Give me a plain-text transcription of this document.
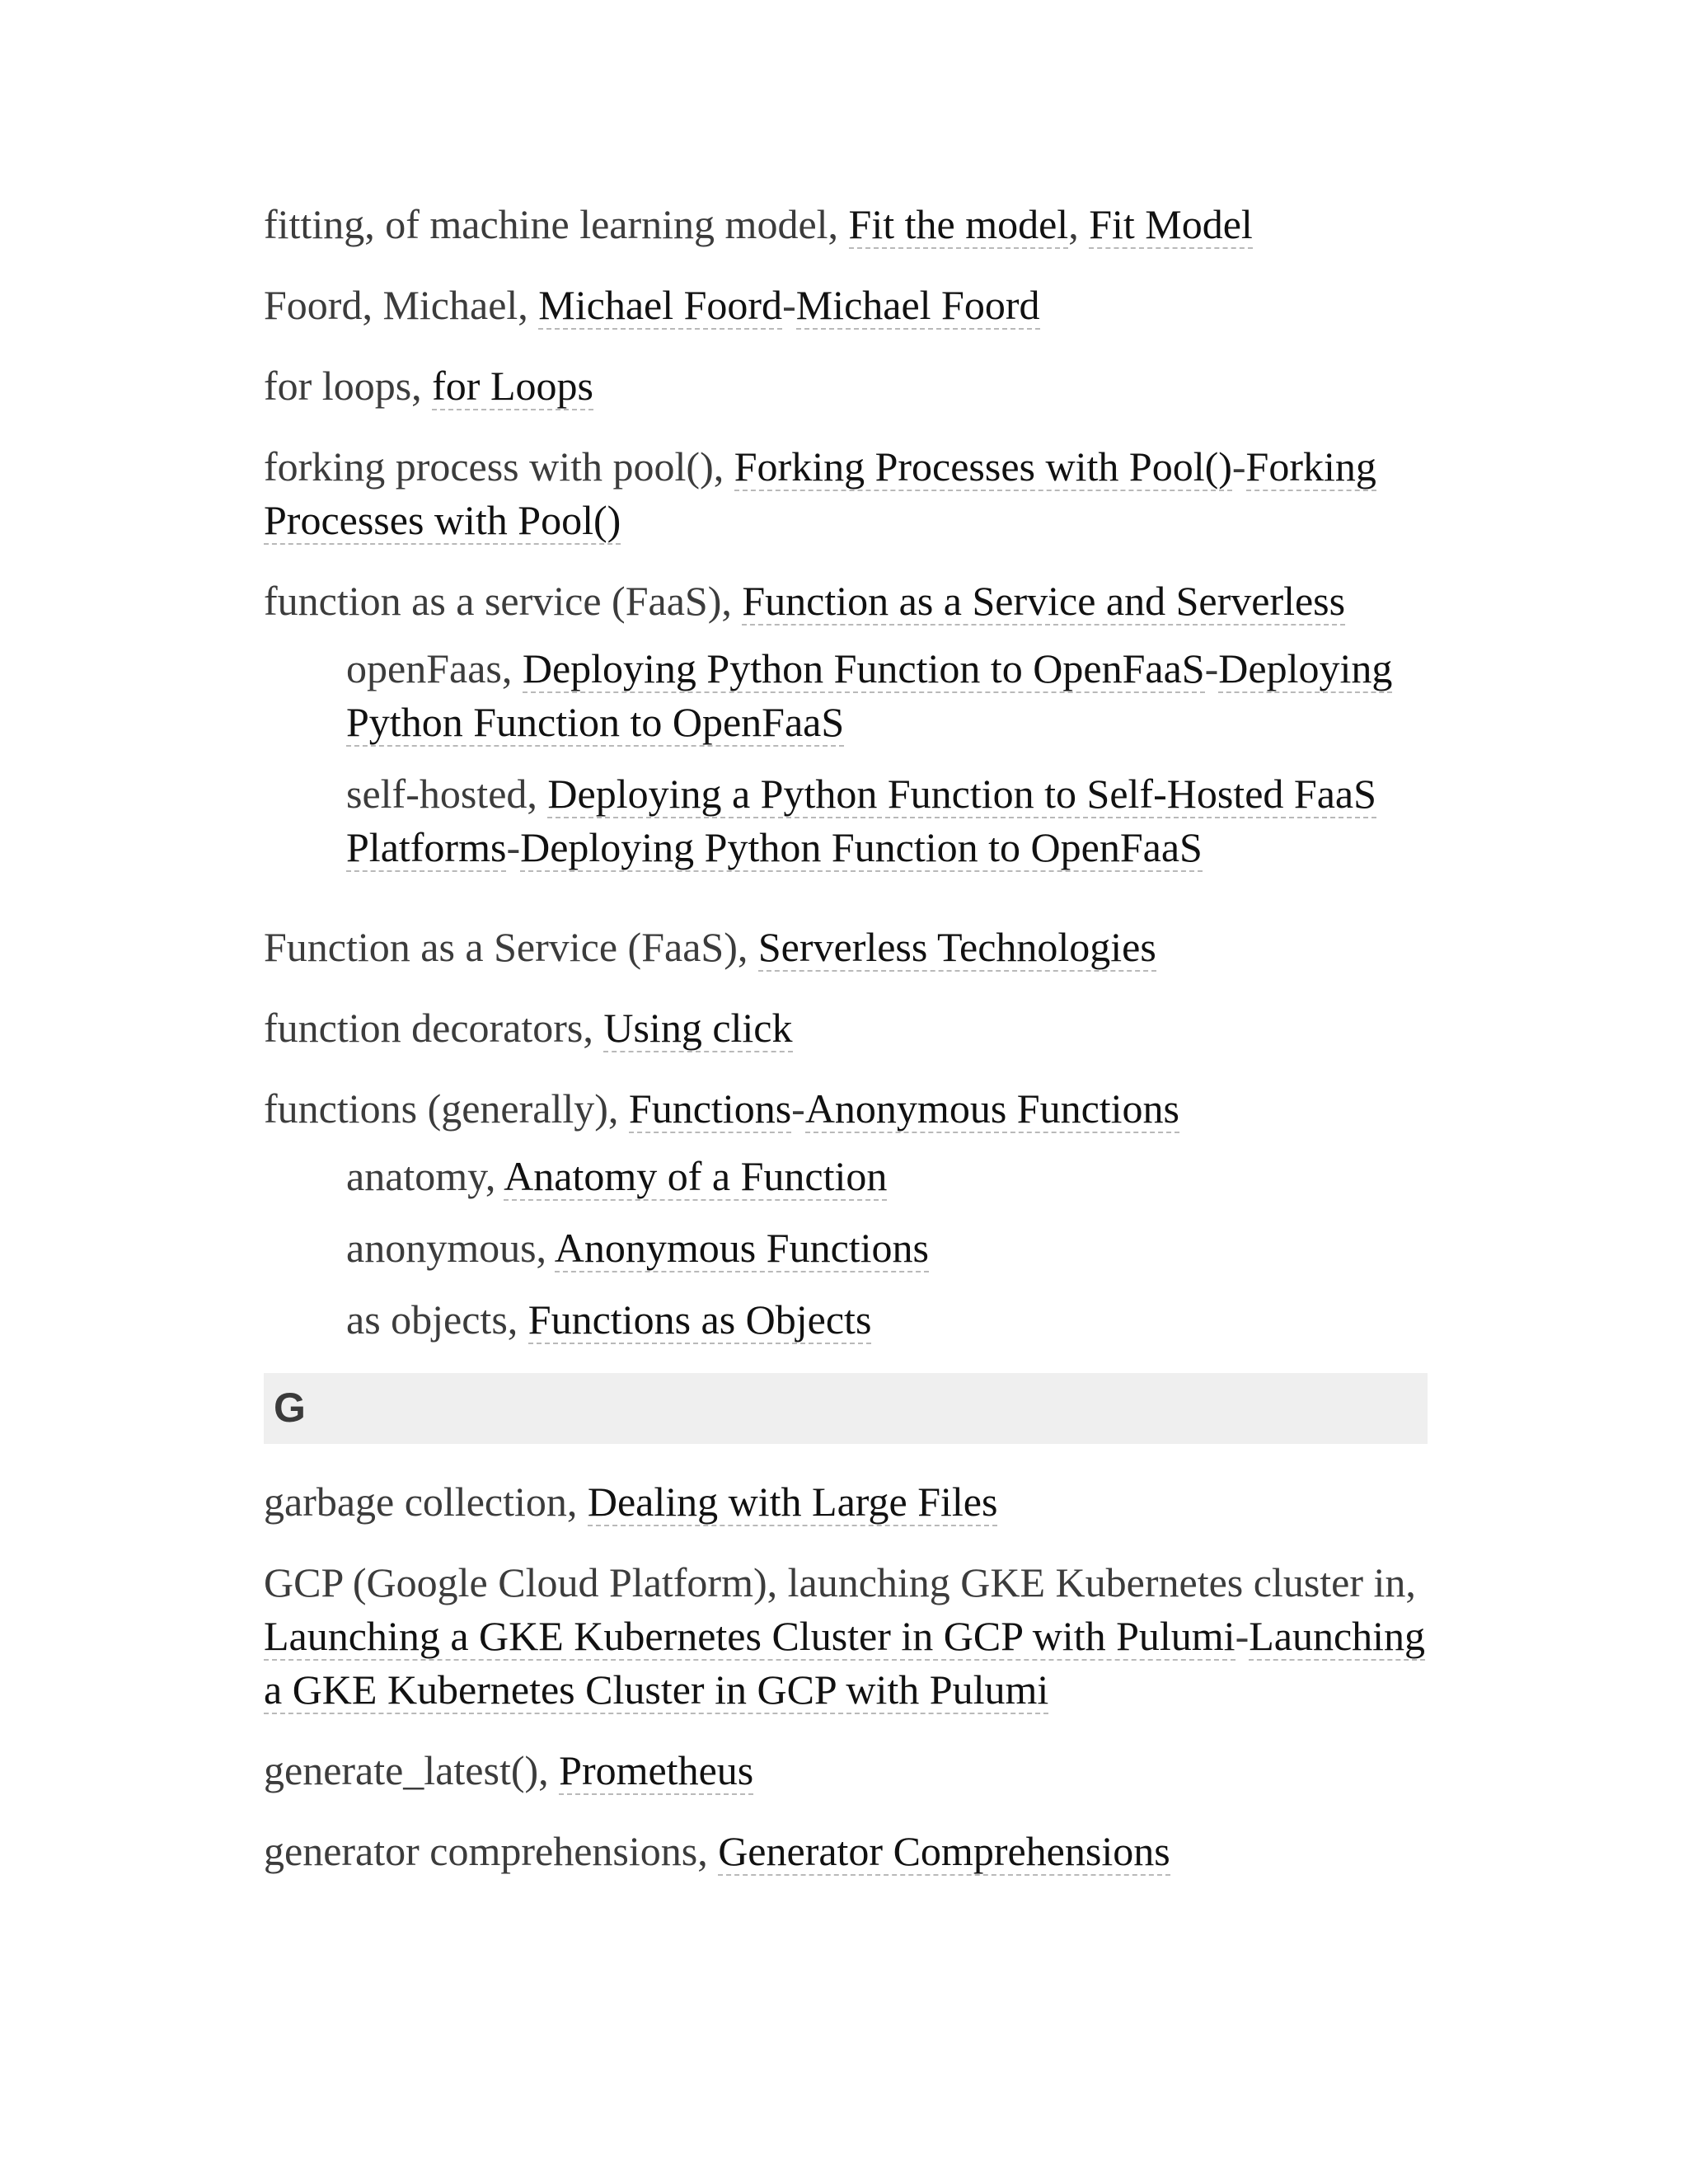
fitting, of machine learning model, Fit the model, Fit Model

Foord, Michael, Michael Foord-Michael Foord

for loops, for Loops

forking process with pool(), Forking Processes with Pool()-Forking Processes with Pool()

function as a service (FaaS), Function as a Service and Serverless

openFaas, Deploying Python Function to OpenFaaS-Deploying Python Function to OpenFaaS

self-hosted, Deploying a Python Function to Self-Hosted FaaS Platforms-Deploying Python Function to OpenFaaS

Function as a Service (FaaS), Serverless Technologies

function decorators, Using click

functions (generally), Functions-Anonymous Functions

anatomy, Anatomy of a Function

anonymous, Anonymous Functions

as objects, Functions as Objects

G

garbage collection, Dealing with Large Files

GCP (Google Cloud Platform), launching GKE Kubernetes cluster in, Launching a GKE Kubernetes Cluster in GCP with Pulumi-Launching a GKE Kubernetes Cluster in GCP with Pulumi

generate_latest(), Prometheus

generator comprehensions, Generator Comprehensions
